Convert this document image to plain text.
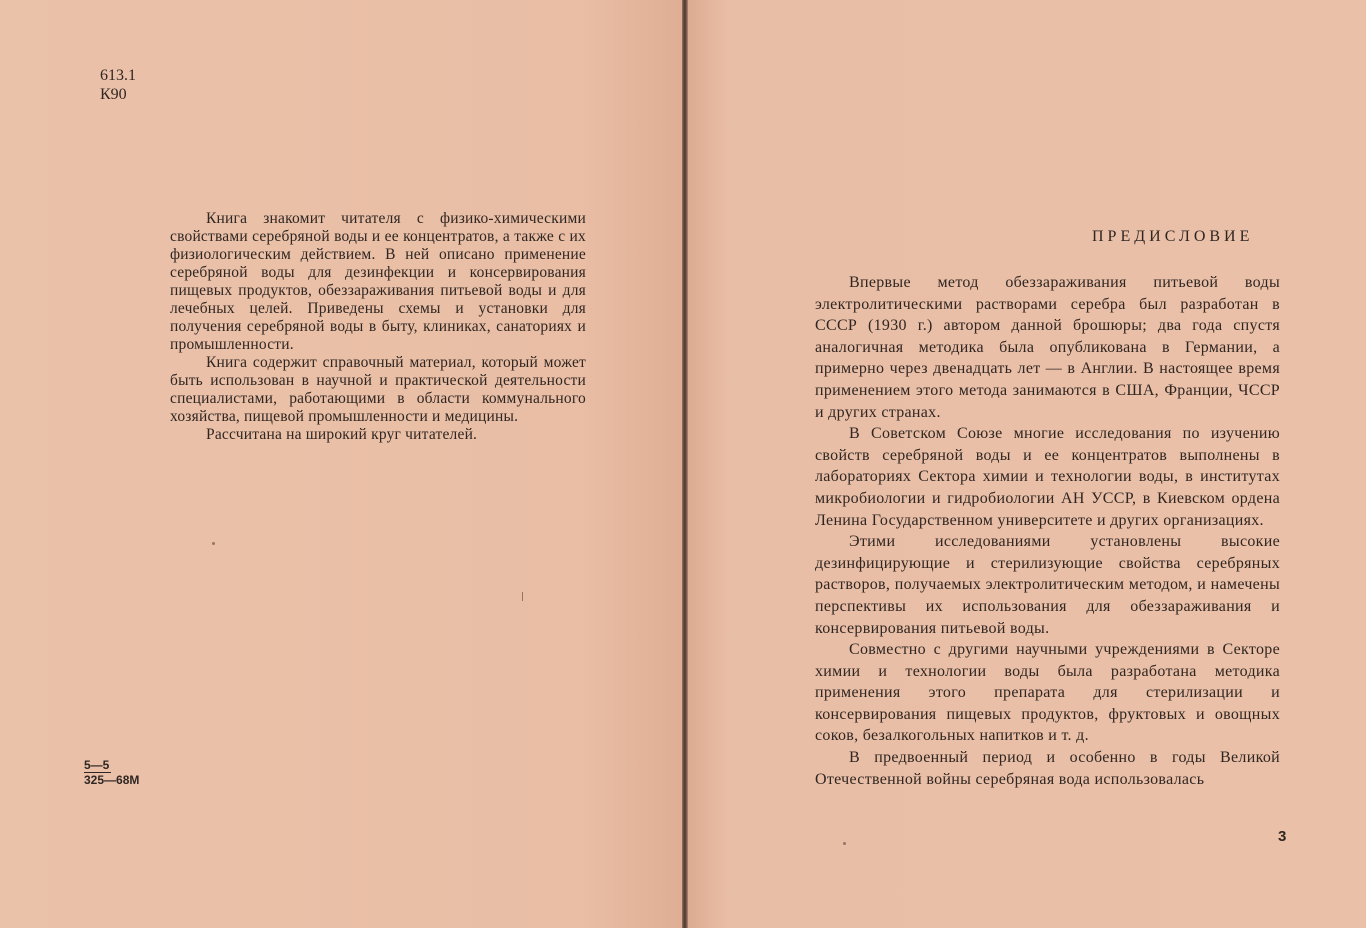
613.1
К90

Книга знакомит читателя с физико-химическими свойствами серебряной воды и ее концентратов, а также с их физиологическим действием. В ней описано применение серебряной воды для дезинфекции и консервирования пищевых продуктов, обеззараживания питьевой воды и для лечебных целей. Приведены схемы и установки для получения серебряной воды в быту, клиниках, санаториях и промышленности.

Книга содержит справочный материал, который может быть использован в научной и практической деятельности специалистами, работающими в области коммунального хозяйства, пищевой промышленности и медицины.

Рассчитана на широкий круг читателей.

5—5
325—68М
ПРЕДИСЛОВИЕ

Впервые метод обеззараживания питьевой воды электролитическими растворами серебра был разработан в СССР (1930 г.) автором данной брошюры; два года спустя аналогичная методика была опубликована в Германии, а примерно через двенадцать лет — в Англии. В настоящее время применением этого метода занимаются в США, Франции, ЧССР и других странах.

В Советском Союзе многие исследования по изучению свойств серебряной воды и ее концентратов выполнены в лабораториях Сектора химии и технологии воды, в институтах микробиологии и гидробиологии АН УССР, в Киевском ордена Ленина Государственном университете и других организациях.

Этими исследованиями установлены высокие дезинфицирующие и стерилизующие свойства серебряных растворов, получаемых электролитическим методом, и намечены перспективы их использования для обеззараживания и консервирования питьевой воды.

Совместно с другими научными учреждениями в Секторе химии и технологии воды была разработана методика применения этого препарата для стерилизации и консервирования пищевых продуктов, фруктовых и овощных соков, безалкогольных напитков и т. д.

В предвоенный период и особенно в годы Великой Отечественной войны серебряная вода использовалась

3
